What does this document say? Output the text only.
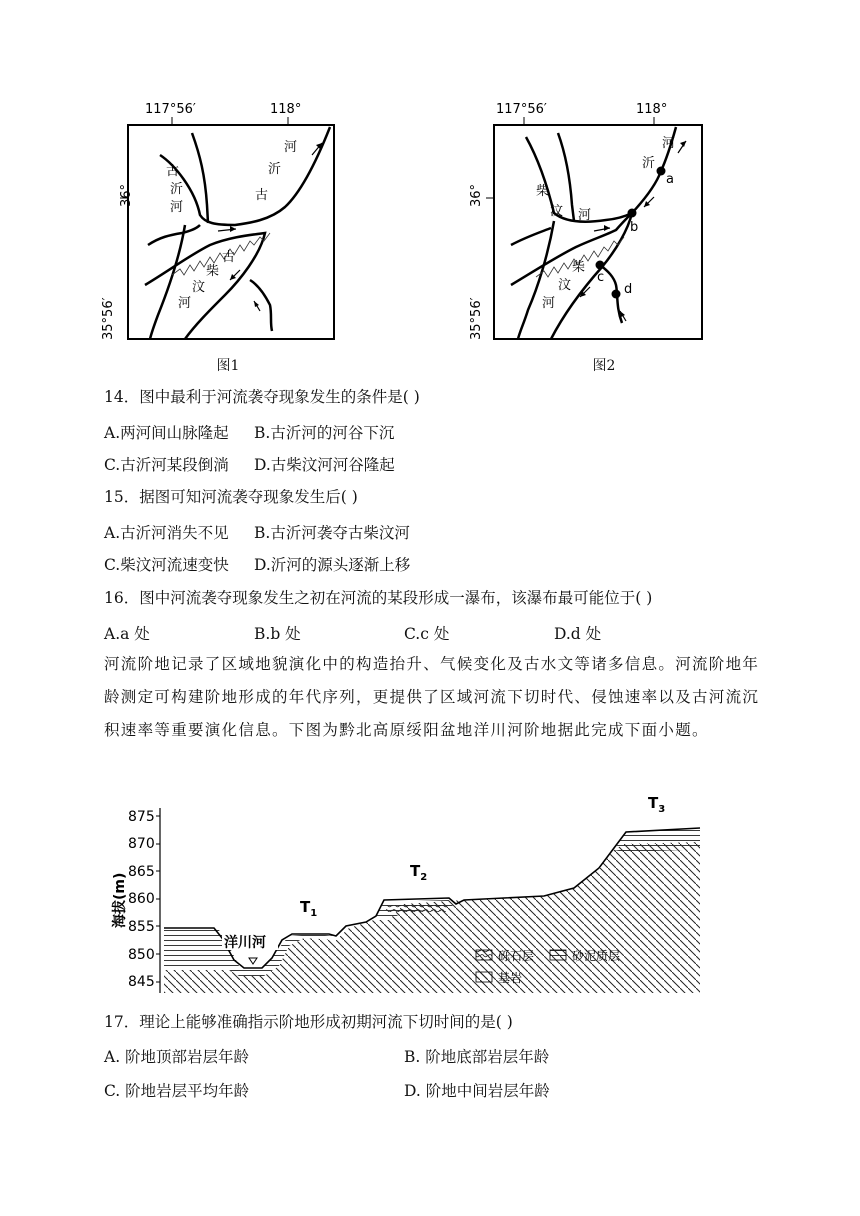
117°56′	118°
36°
35°56′
古
沂
河
河
沂
古
古
柴
汶
河
图1
117°56′	118°
36°
35°56′
a
b
c
d
河
沂
柴
汶 河
柴
汶
河
图2
14．图中最利于河流袭夺现象发生的条件是( )
A.两河间山脉隆起 B.古沂河的河谷下沉
C.古沂河某段倒淌 D.古柴汶河河谷隆起
15．据图可知河流袭夺现象发生后( )
A.古沂河消失不见 B.古沂河袭夺古柴汶河
C.柴汶河流速变快 D.沂河的源头逐渐上移
16．图中河流袭夺现象发生之初在河流的某段形成一瀑布，该瀑布最可能位于( )
A.a 处	B.b 处	C.c 处	D.d 处
河流阶地记录了区域地貌演化中的构造抬升、气候变化及古水文等诸多信息。河流阶地年龄测定可构建阶地形成的年代序列，更提供了区域河流下切时代、侵蚀速率以及古河流沉积速率等重要演化信息。下图为黔北高原绥阳盆地洋川河阶地据此完成下面小题。
海拔(m)
875
870
865
860
855
850
845
洋川河
$T_1$
$T_2$
$T_3$
砾石层	砂泥质层
基岩
17．理论上能够准确指示阶地形成初期河流下切时间的是( )
A. 阶地顶部岩层年龄	B. 阶地底部岩层年龄
C. 阶地岩层平均年龄	D. 阶地中间岩层年龄
